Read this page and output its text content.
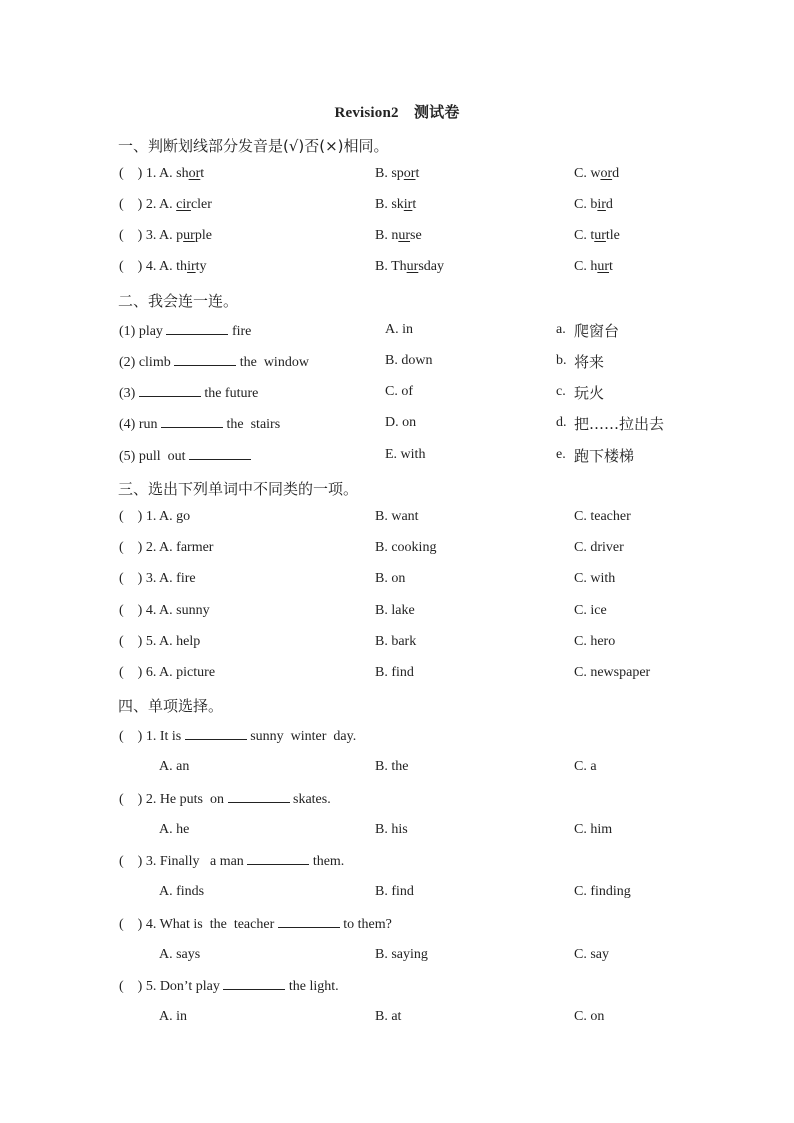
Revision2　测试卷
一、判断划线部分发音是(√)否(×)相同。
二、我会连一连。
三、选出下列单词中不同类的一项。
四、单项选择。
(    ) 1. A. short	B. sport	C. word
(    ) 2. A. circler	B. skirt	C. bird
(    ) 3. A. purple	B. nurse	C. turtle
(    ) 4. A. thirty	B. Thursday	C. hurt
(1) play	fire	A. in	a. 爬窗台
(2) climb	the  window	B. down	b. 将来
(3)	the future	C. of	c. 玩火
(4) run	the  stairs	D. on	d. 把……拉出去
(5) pull  out	E. with	e. 跑下楼梯
(    ) 1. A. go	B. want	C. teacher
(    ) 2. A. farmer	B. cooking	C. driver
(    ) 3. A. fire	B. on	C. with
(    ) 4. A. sunny	B. lake	C. ice
(    ) 5. A. help	B. bark	C. hero
(    ) 6. A. picture	B. find	C. newspaper
(    ) 1. It is	sunny  winter  day.
A. an	B. the	C. a
(    ) 2. He puts  on	skates.
A. he	B. his	C. him
(    ) 3. Finally   a man	them.
A. finds	B. find	C. finding
(    ) 4. What is  the  teacher	to them?
A. says	B. saying	C. say
(    ) 5. Don’t play	the light.
A. in	B. at	C. on
